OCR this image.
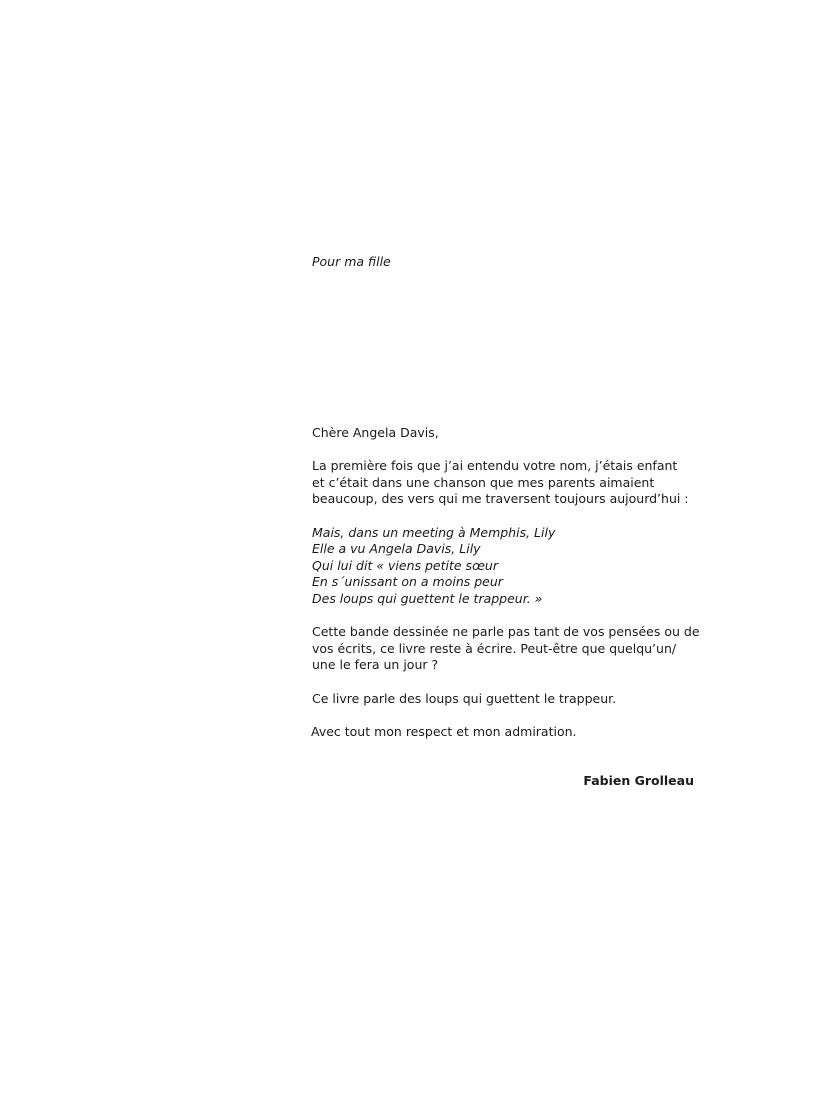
Pour ma fille

Chère Angela Davis,

La première fois que j’ai entendu votre nom, j’étais enfant
et c’était dans une chanson que mes parents aimaient
beaucoup, des vers qui me traversent toujours aujourd’hui :

Mais, dans un meeting à Memphis, Lily
Elle a vu Angela Davis, Lily
Qui lui dit « viens petite sœur
En s´unissant on a moins peur
Des loups qui guettent le trappeur. »

Cette bande dessinée ne parle pas tant de vos pensées ou de
vos écrits, ce livre reste à écrire. Peut-être que quelqu’un/
une le fera un jour ?

Ce livre parle des loups qui guettent le trappeur.

Avec tout mon respect et mon admiration.

Fabien Grolleau
